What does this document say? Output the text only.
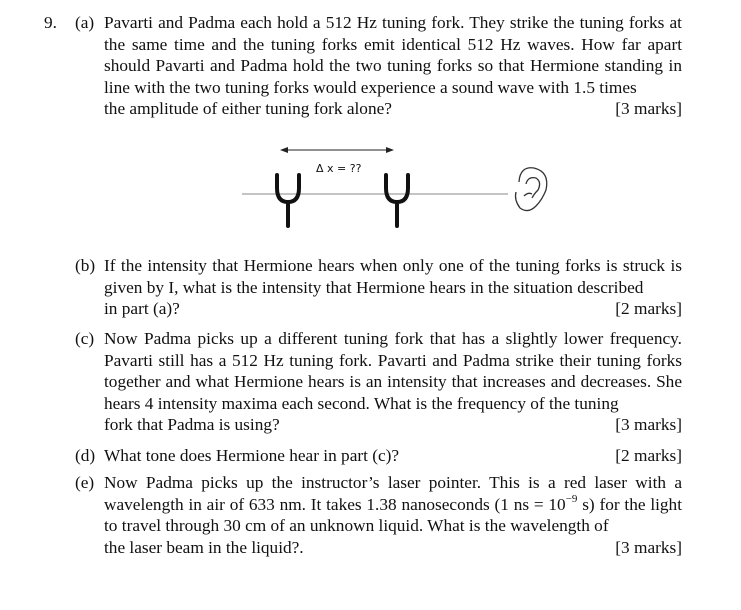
9. (a) Pavarti and Padma each hold a 512 Hz tuning fork. They strike the tuning forks at the same time and the tuning forks emit identical 512 Hz waves. How far apart should Pavarti and Padma hold the two tuning forks so that Hermione standing in line with the two tuning forks would experience a sound wave with 1.5 times
the amplitude of either tuning fork alone?	[3 marks]
Δ x = ??
(b) If the intensity that Hermione hears when only one of the tuning forks is struck is given by I, what is the intensity that Hermione hears in the situation described
in part (a)?	[2 marks]
(c) Now Padma picks up a different tuning fork that has a slightly lower frequency. Pavarti still has a 512 Hz tuning fork. Pavarti and Padma strike their tuning forks together and what Hermione hears is an intensity that increases and decreases. She hears 4 intensity maxima each second. What is the frequency of the tuning
fork that Padma is using?	[3 marks]
(d) What tone does Hermione hear in part (c)?	[2 marks]
(e) Now Padma picks up the instructor’s laser pointer. This is a red laser with a wavelength in air of 633 nm. It takes 1.38 nanoseconds (1 ns = $10^{-9}$ s) for the light to travel through 30 cm of an unknown liquid. What is the wavelength of
the laser beam in the liquid?.	[3 marks]
